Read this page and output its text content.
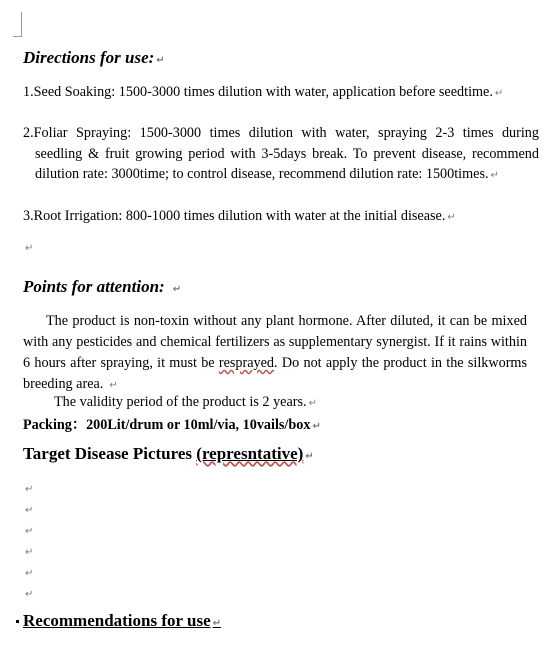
Directions for use: ↵
1.Seed Soaking: 1500-3000 times dilution with water, application before seedtime. ↵
2.Foliar Spraying: 1500-3000 times dilution with water, spraying 2-3 times during seedling & fruit growing period with 3-5days break. To prevent disease, recommend dilution rate: 3000time; to control disease, recommend dilution rate: 1500times. ↵
3.Root Irrigation: 800-1000 times dilution with water at the initial disease. ↵
↵
Points for attention: ↵
The product is non-toxin without any plant hormone. After diluted, it can be mixed with any pesticides and chemical fertilizers as supplementary synergist. If it rains within 6 hours after spraying, it must be resprayed. Do not apply the product in the silkworms breeding area. ↵
The validity period of the product is 2 years. ↵
Packing：200Lit/drum or 10ml/via, 10vails/box ↵
Target Disease Pictures (represntative) ↵
↵
↵
↵
↵
↵
↵
Recommendations for use ↵
